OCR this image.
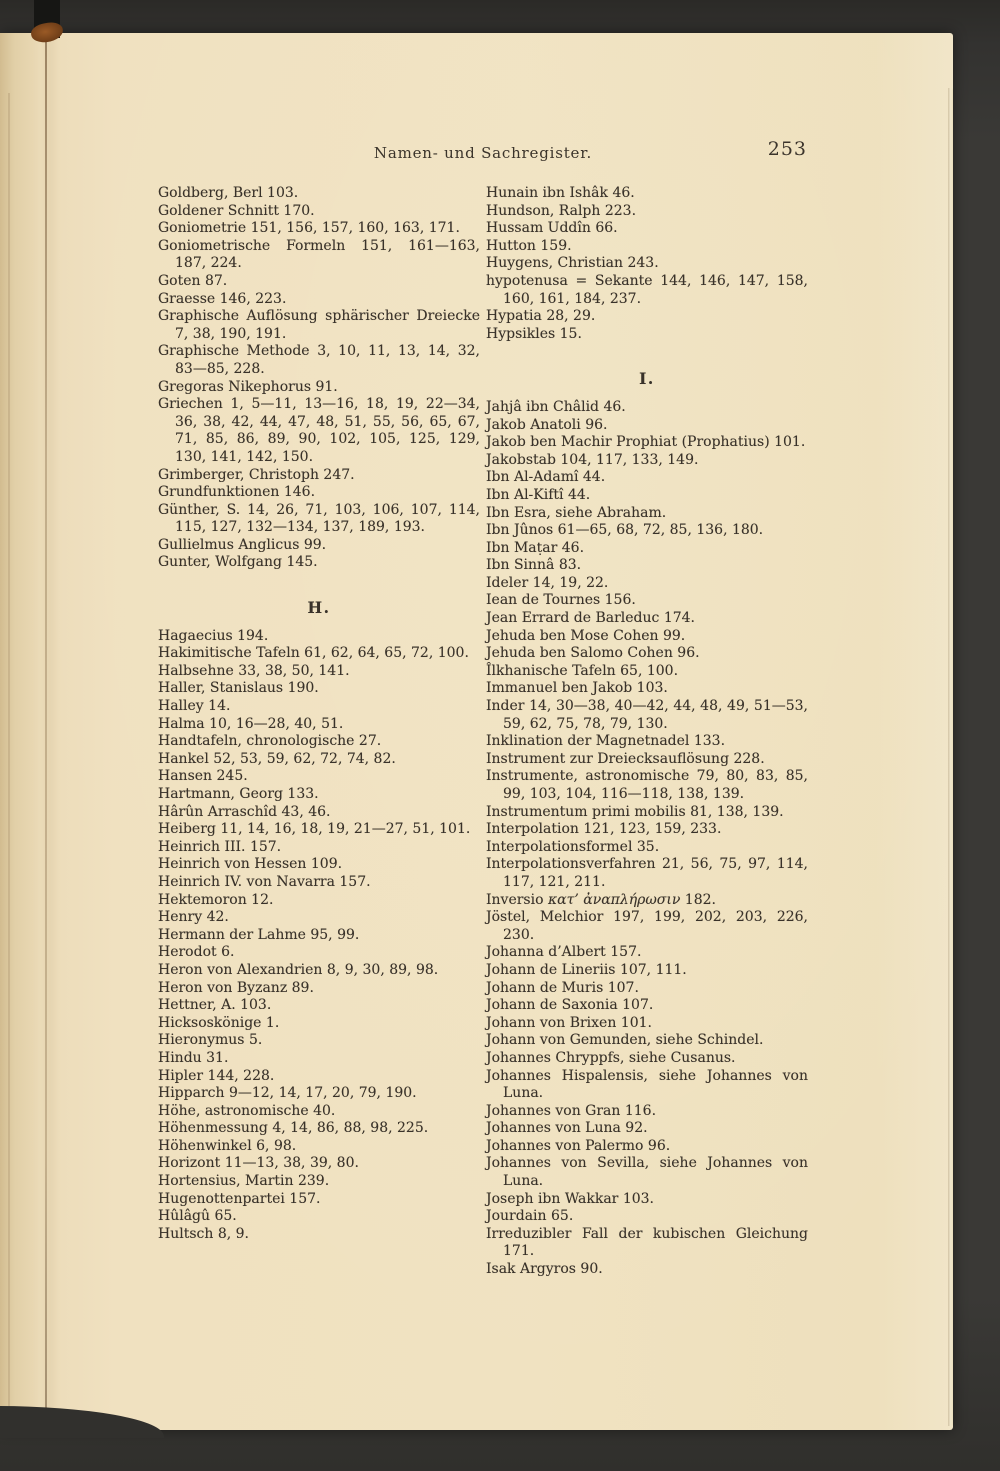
Namen- und Sachregister.	253

Goldberg, Berl 103.

Goldener Schnitt 170.

Goniometrie 151, 156, 157, 160, 163, 171.

Goniometrische Formeln 151, 161—163, 187, 224.

Goten 87.

Graesse 146, 223.

Graphische Auflösung sphärischer Dreiecke 7, 38, 190, 191.

Graphische Methode 3, 10, 11, 13, 14, 32, 83—85, 228.

Gregoras Nikephorus 91.

Griechen 1, 5—11, 13—16, 18, 19, 22—34, 36, 38, 42, 44, 47, 48, 51, 55, 56, 65, 67, 71, 85, 86, 89, 90, 102, 105, 125, 129, 130, 141, 142, 150.

Grimberger, Christoph 247.

Grundfunktionen 146.

Günther, S. 14, 26, 71, 103, 106, 107, 114, 115, 127, 132—134, 137, 189, 193.

Gullielmus Anglicus 99.

Gunter, Wolfgang 145.

H.

Hagaecius 194.

Hakimitische Tafeln 61, 62, 64, 65, 72, 100.

Halbsehne 33, 38, 50, 141.

Haller, Stanislaus 190.

Halley 14.

Halma 10, 16—28, 40, 51.

Handtafeln, chronologische 27.

Hankel 52, 53, 59, 62, 72, 74, 82.

Hansen 245.

Hartmann, Georg 133.

Hârûn Arraschîd 43, 46.

Heiberg 11, 14, 16, 18, 19, 21—27, 51, 101.

Heinrich III. 157.

Heinrich von Hessen 109.

Heinrich IV. von Navarra 157.

Hektemoron 12.

Henry 42.

Hermann der Lahme 95, 99.

Herodot 6.

Heron von Alexandrien 8, 9, 30, 89, 98.

Heron von Byzanz 89.

Hettner, A. 103.

Hicksoskönige 1.

Hieronymus 5.

Hindu 31.

Hipler 144, 228.

Hipparch 9—12, 14, 17, 20, 79, 190.

Höhe, astronomische 40.

Höhenmessung 4, 14, 86, 88, 98, 225.

Höhenwinkel 6, 98.

Horizont 11—13, 38, 39, 80.

Hortensius, Martin 239.

Hugenottenpartei 157.

Hûlâgû 65.

Hultsch 8, 9.

Hunain ibn Ishâk 46.

Hundson, Ralph 223.

Hussam Uddîn 66.

Hutton 159.

Huygens, Christian 243.

hypotenusa = Sekante 144, 146, 147, 158, 160, 161, 184, 237.

Hypatia 28, 29.

Hypsikles 15.

I.

Jahjâ ibn Châlid 46.

Jakob Anatoli 96.

Jakob ben Machir Prophiat (Prophatius) 101.

Jakobstab 104, 117, 133, 149.

Ibn Al-Adamî 44.

Ibn Al-Kiftî 44.

Ibn Esra, siehe Abraham.

Ibn Jûnos 61—65, 68, 72, 85, 136, 180.

Ibn Maṭar 46.

Ibn Sinnâ 83.

Ideler 14, 19, 22.

Iean de Tournes 156.

Jean Errard de Barleduc 174.

Jehuda ben Mose Cohen 99.

Jehuda ben Salomo Cohen 96.

Îlkhanische Tafeln 65, 100.

Immanuel ben Jakob 103.

Inder 14, 30—38, 40—42, 44, 48, 49, 51—53, 59, 62, 75, 78, 79, 130.

Inklination der Magnetnadel 133.

Instrument zur Dreiecksauflösung 228.

Instrumente, astronomische 79, 80, 83, 85, 99, 103, 104, 116—118, 138, 139.

Instrumentum primi mobilis 81, 138, 139.

Interpolation 121, 123, 159, 233.

Interpolationsformel 35.

Interpolationsverfahren 21, 56, 75, 97, 114, 117, 121, 211.

Inversio κατ’ ἀναπλήρωσιν 182.

Jöstel, Melchior 197, 199, 202, 203, 226, 230.

Johanna d’Albert 157.

Johann de Lineriis 107, 111.

Johann de Muris 107.

Johann de Saxonia 107.

Johann von Brixen 101.

Johann von Gemunden, siehe Schindel.

Johannes Chryppfs, siehe Cusanus.

Johannes Hispalensis, siehe Johannes von Luna.

Johannes von Gran 116.

Johannes von Luna 92.

Johannes von Palermo 96.

Johannes von Sevilla, siehe Johannes von Luna.

Joseph ibn Wakkar 103.

Jourdain 65.

Irreduzibler Fall der kubischen Gleichung 171.

Isak Argyros 90.
